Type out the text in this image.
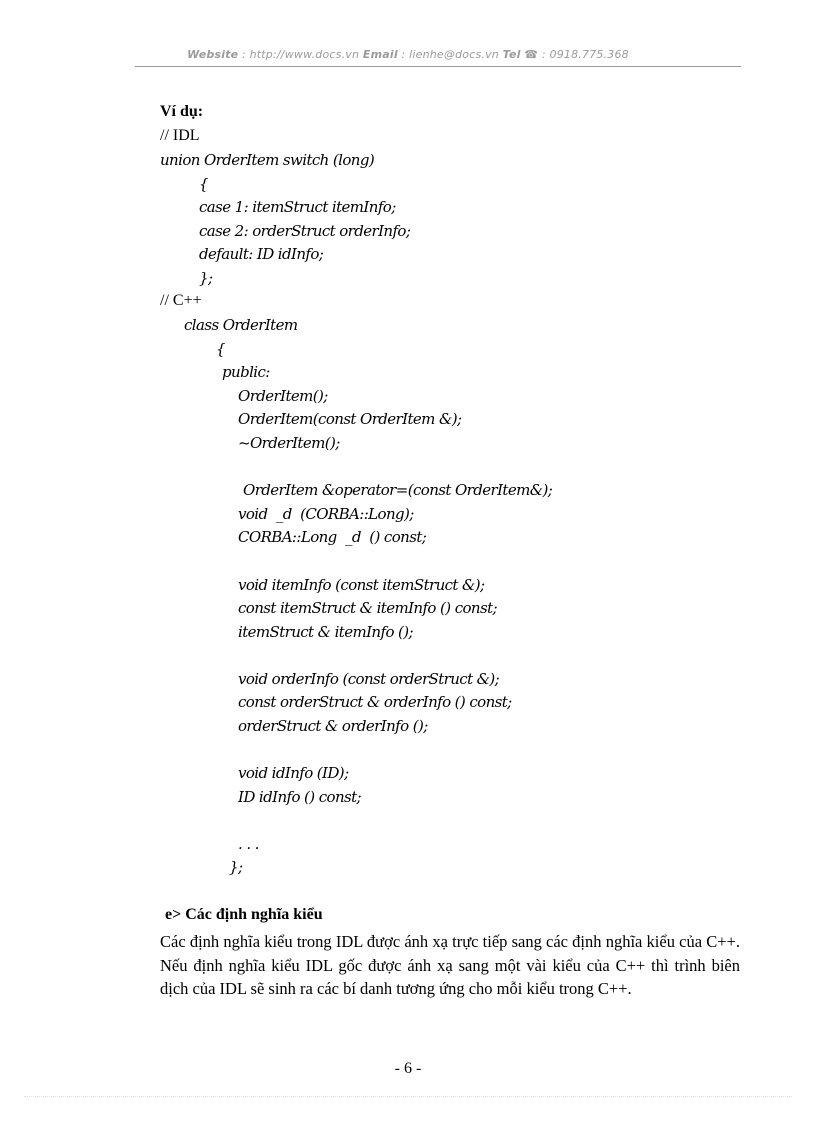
Website : http://www.docs.vn Email : lienhe@docs.vn Tel ☎ : 0918.775.368
Ví dụ:
// IDL
union OrderItem switch (long)
{
case 1: itemStruct itemInfo;
case 2: orderStruct orderInfo;
default: ID idInfo;
};
// C++
class OrderItem
{
public:
OrderItem();
OrderItem(const OrderItem &);
~OrderItem();
OrderItem &operator=(const OrderItem&);
void  _d  (CORBA::Long);
CORBA::Long  _d  () const;
void itemInfo (const itemStruct &);
const itemStruct & itemInfo () const;
itemStruct & itemInfo ();
void orderInfo (const orderStruct &);
const orderStruct & orderInfo () const;
orderStruct & orderInfo ();
void idInfo (ID);
ID idInfo () const;
. . .
};
e> Các định nghĩa kiểu
Các định nghĩa kiểu trong IDL được ánh xạ trực tiếp sang các định nghĩa kiểu của C++. Nếu định nghĩa kiểu IDL gốc được ánh xạ sang một vài kiểu của C++ thì trình biên dịch của IDL sẽ sinh ra các bí danh tương ứng cho mỗi kiểu trong C++.
- 6 -
